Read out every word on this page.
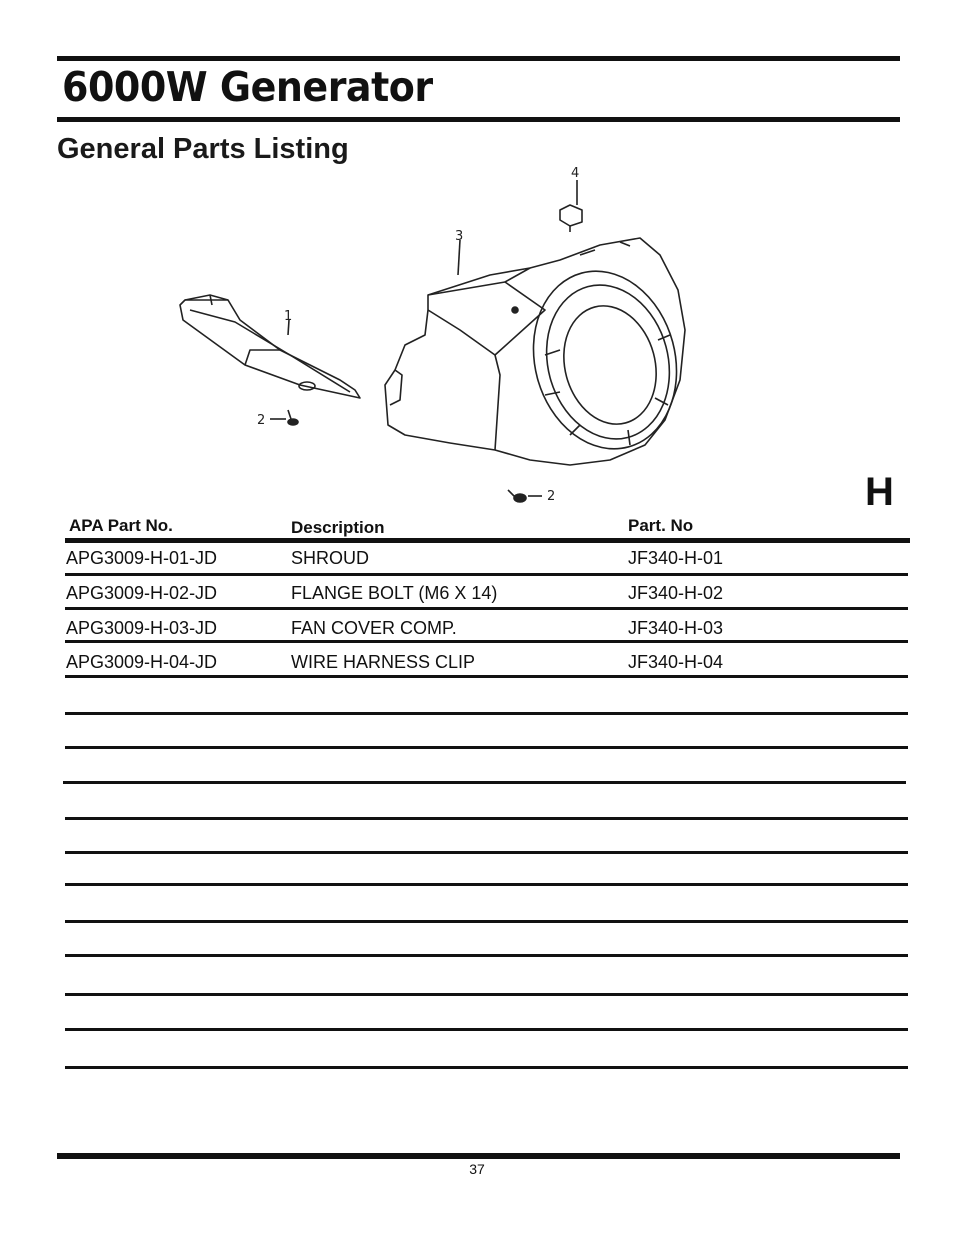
6000W Generator
General Parts Listing
1
2
3
4
2	H
APA Part No.	Description	Part. No
APG3009-H-01-JD	SHROUD	JF340-H-01
APG3009-H-02-JD	FLANGE BOLT (M6 X 14)	JF340-H-02
APG3009-H-03-JD	FAN COVER COMP.	JF340-H-03
APG3009-H-04-JD	WIRE HARNESS CLIP	JF340-H-04
37
